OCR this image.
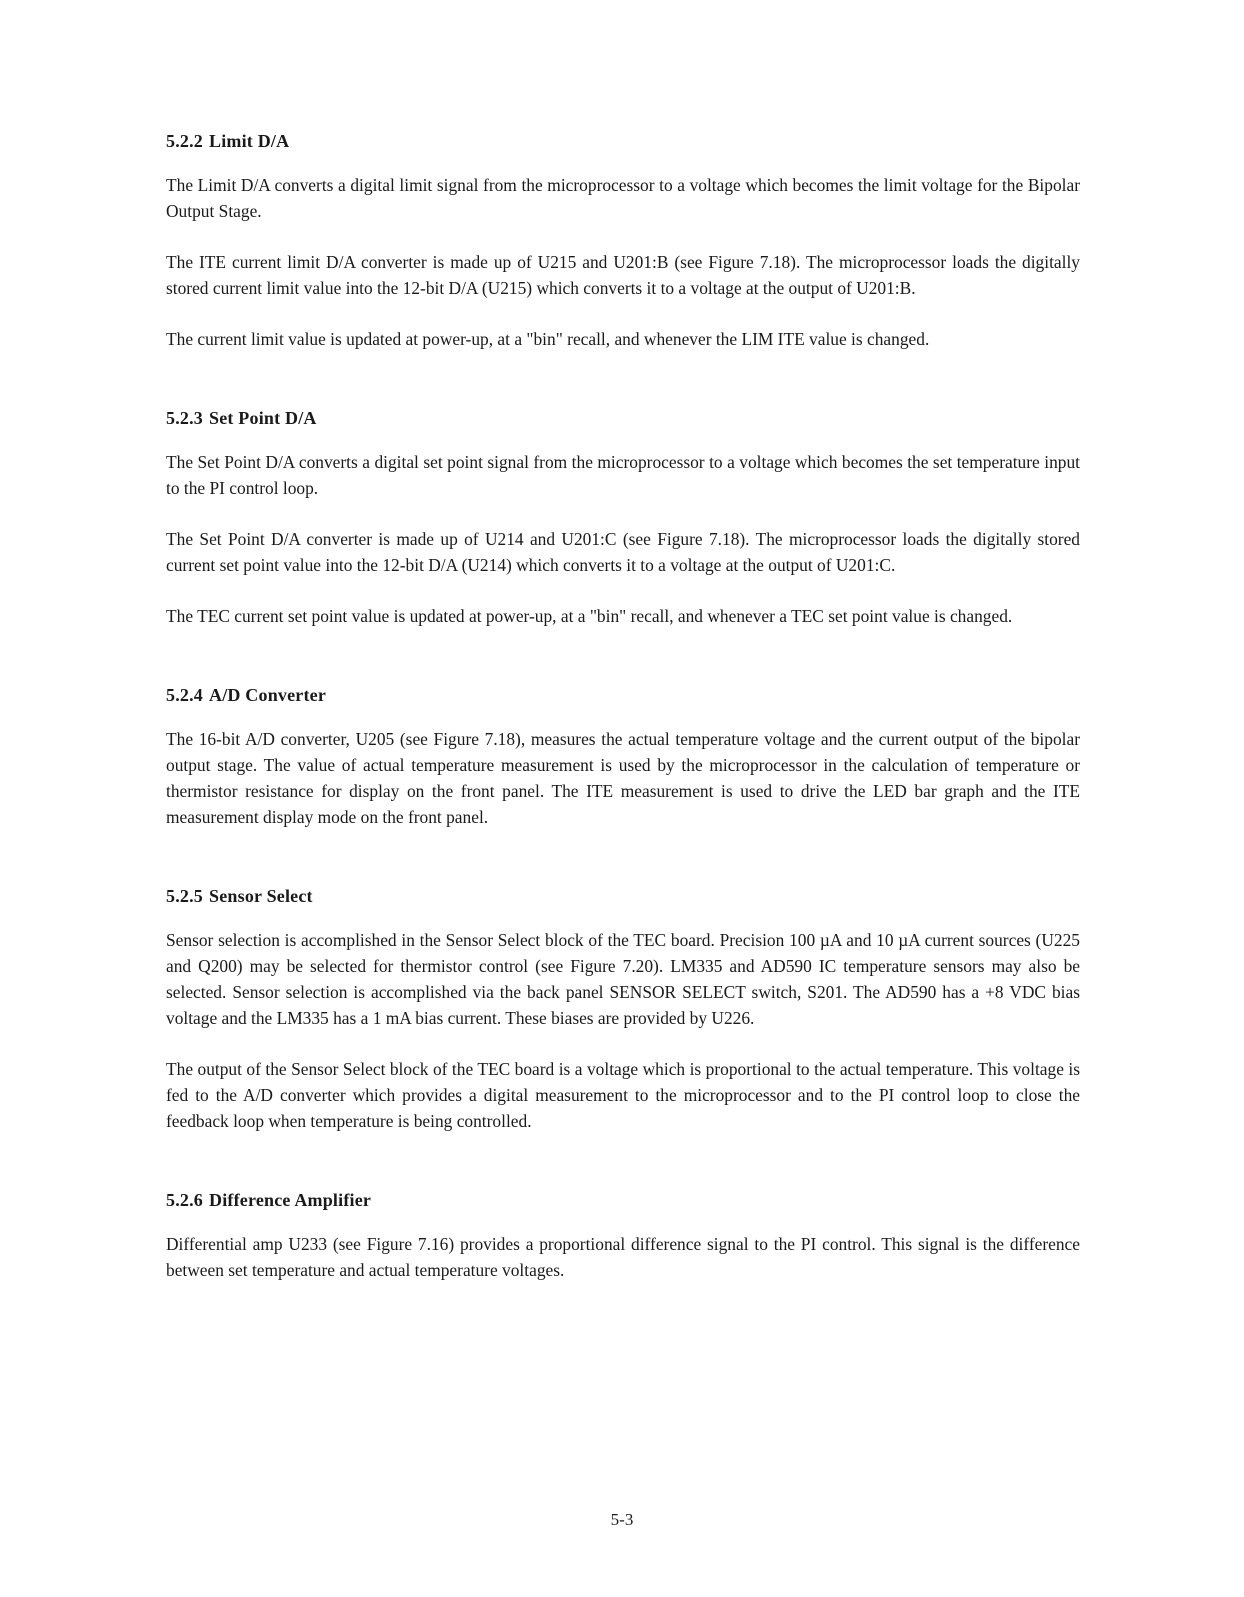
5.2.2 Limit D/A

The Limit D/A converts a digital limit signal from the microprocessor to a voltage which becomes the limit voltage for the Bipolar Output Stage.

The ITE current limit D/A converter is made up of U215 and U201:B (see Figure 7.18). The microprocessor loads the digitally stored current limit value into the 12-bit D/A (U215) which converts it to a voltage at the output of U201:B.

The current limit value is updated at power-up, at a "bin" recall, and whenever the LIM ITE value is changed.

5.2.3 Set Point D/A

The Set Point D/A converts a digital set point signal from the microprocessor to a voltage which becomes the set temperature input to the PI control loop.

The Set Point D/A converter is made up of U214 and U201:C (see Figure 7.18). The microprocessor loads the digitally stored current set point value into the 12-bit D/A (U214) which converts it to a voltage at the output of U201:C.

The TEC current set point value is updated at power-up, at a "bin" recall, and whenever a TEC set point value is changed.

5.2.4 A/D Converter

The 16-bit A/D converter, U205 (see Figure 7.18), measures the actual temperature voltage and the current output of the bipolar output stage. The value of actual temperature measurement is used by the microprocessor in the calculation of temperature or thermistor resistance for display on the front panel. The ITE measurement is used to drive the LED bar graph and the ITE measurement display mode on the front panel.

5.2.5 Sensor Select

Sensor selection is accomplished in the Sensor Select block of the TEC board. Precision 100 µA and 10 µA current sources (U225 and Q200) may be selected for thermistor control (see Figure 7.20). LM335 and AD590 IC temperature sensors may also be selected. Sensor selection is accomplished via the back panel SENSOR SELECT switch, S201. The AD590 has a +8 VDC bias voltage and the LM335 has a 1 mA bias current. These biases are provided by U226.

The output of the Sensor Select block of the TEC board is a voltage which is proportional to the actual temperature. This voltage is fed to the A/D converter which provides a digital measurement to the microprocessor and to the PI control loop to close the feedback loop when temperature is being controlled.

5.2.6 Difference Amplifier

Differential amp U233 (see Figure 7.16) provides a proportional difference signal to the PI control. This signal is the difference between set temperature and actual temperature voltages.

5-3
